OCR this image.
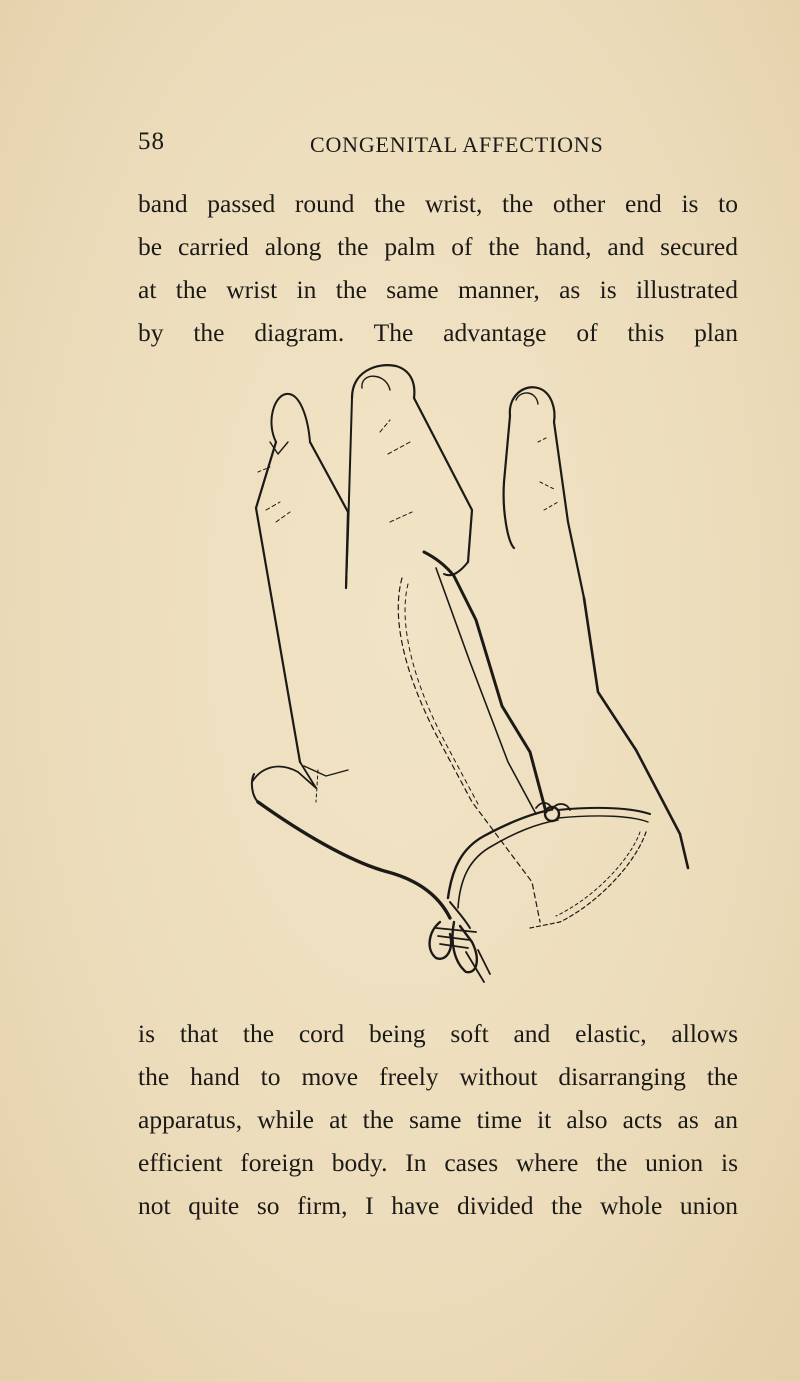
58	CONGENITAL AFFECTIONS
band passed round the wrist, the other end is to
be carried along the palm of the hand, and secured
at the wrist in the same manner, as is illustrated
by the diagram. The advantage of this plan
is that the cord being soft and elastic, allows
the hand to move freely without disarranging the
apparatus, while at the same time it also acts as an
efficient foreign body. In cases where the union is
not quite so firm, I have divided the whole union
